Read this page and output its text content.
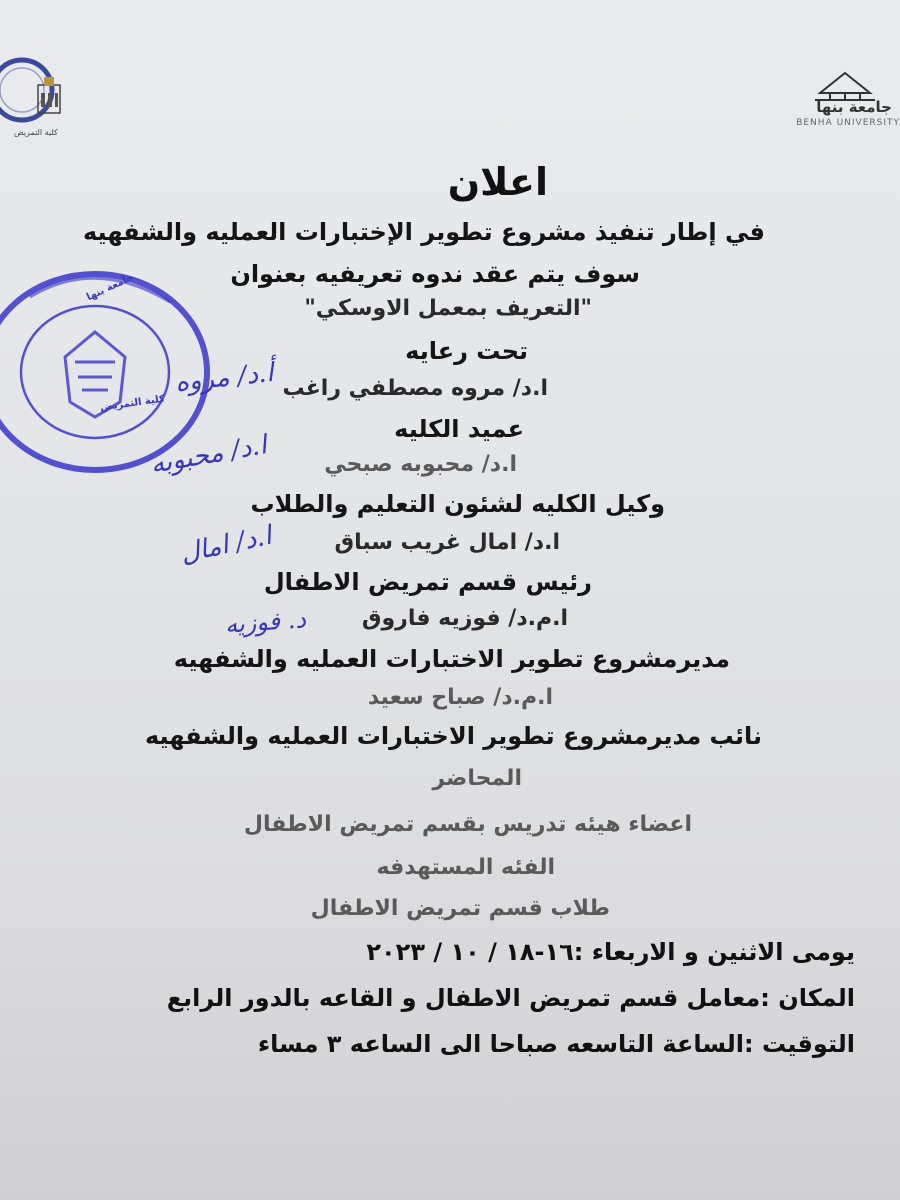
كلية التمريض
جامعة بنها
BENHA UNIVERSITY
جامعة بنها
كلية التمريض
أ.د/ مروه
ا.د/ محبوبه
ا.د/ امال
د. فوزيه
اعلان
في إطار تنفيذ مشروع تطوير الإختبارات العمليه والشفهيه
سوف يتم عقد ندوه تعريفيه بعنوان
"التعريف بمعمل الاوسكي"
تحت رعايه
ا.د/ مروه مصطفي راغب
عميد الكليه
ا.د/ محبوبه صبحي
وكيل الكليه لشئون التعليم والطلاب
ا.د/ امال غريب سباق
رئيس قسم تمريض الاطفال
ا.م.د/ فوزيه فاروق
مديرمشروع تطوير الاختبارات العمليه والشفهيه
ا.م.د/ صباح سعيد
نائب مديرمشروع تطوير الاختبارات العمليه والشفهيه
المحاضر
اعضاء هيئه تدريس بقسم تمريض الاطفال
الفئه المستهدفه
طلاب قسم تمريض الاطفال
يومى الاثنين و الاربعاء :١٦-١٨ / ١٠ / ٢٠٢٣
المكان :معامل قسم تمريض الاطفال و القاعه بالدور الرابع
التوقيت :الساعة التاسعه صباحا الى الساعه ٣ مساء
